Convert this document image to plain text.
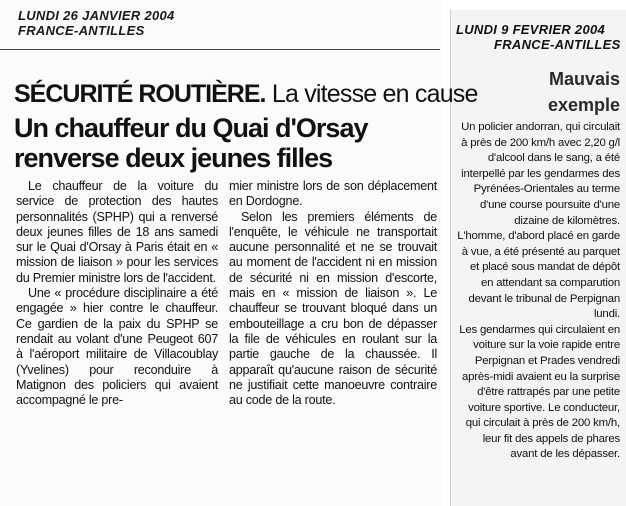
LUNDI 26 JANVIER 2004
FRANCE-ANTILLES
SÉCURITÉ ROUTIÈRE. La vitesse en cause
Un chauffeur du Quai d'Orsay renverse deux jeunes filles

Le chauffeur de la voiture du service de protection des hautes personnalités (SPHP) qui a renversé deux jeunes filles de 18 ans samedi sur le Quai d'Orsay à Paris était en « mission de liaison » pour les services du Premier ministre lors de l'accident.

Une « procédure disciplinaire a été engagée » hier contre le chauffeur. Ce gardien de la paix du SPHP se rendait au volant d'une Peugeot 607 à l'aéroport militaire de Villacoublay (Yvelines) pour reconduire à Matignon des policiers qui avaient accompagné le pre-

mier ministre lors de son déplacement en Dordogne.

Selon les premiers éléments de l'enquête, le véhicule ne transportait aucune personnalité et ne se trouvait au moment de l'accident ni en mission de sécurité ni en mission d'escorte, mais en « mission de liaison ». Le chauffeur se trouvant bloqué dans un embouteillage a cru bon de dépasser la file de véhicules en roulant sur la partie gauche de la chaussée. Il apparaît qu'aucune raison de sécurité ne justifiait cette manoeuvre contraire au code de la route.

LUNDI 9 FEVRIER 2004
FRANCE-ANTILLES
Mauvais exemple

Un policier andorran, qui circulait à près de 200 km/h avec 2,20 g/l d'alcool dans le sang, a été interpellé par les gendarmes des Pyrénées-Orientales au terme d'une course poursuite d'une dizaine de kilomètres.

L'homme, d'abord placé en garde à vue, a été présenté au parquet et placé sous mandat de dépôt en attendant sa comparution devant le tribunal de Perpignan lundi.

Les gendarmes qui circulaient en voiture sur la voie rapide entre Perpignan et Prades vendredi après-midi avaient eu la surprise d'être rattrapés par une petite voiture sportive. Le conducteur, qui circulait à près de 200 km/h, leur fit des appels de phares avant de les dépasser.
